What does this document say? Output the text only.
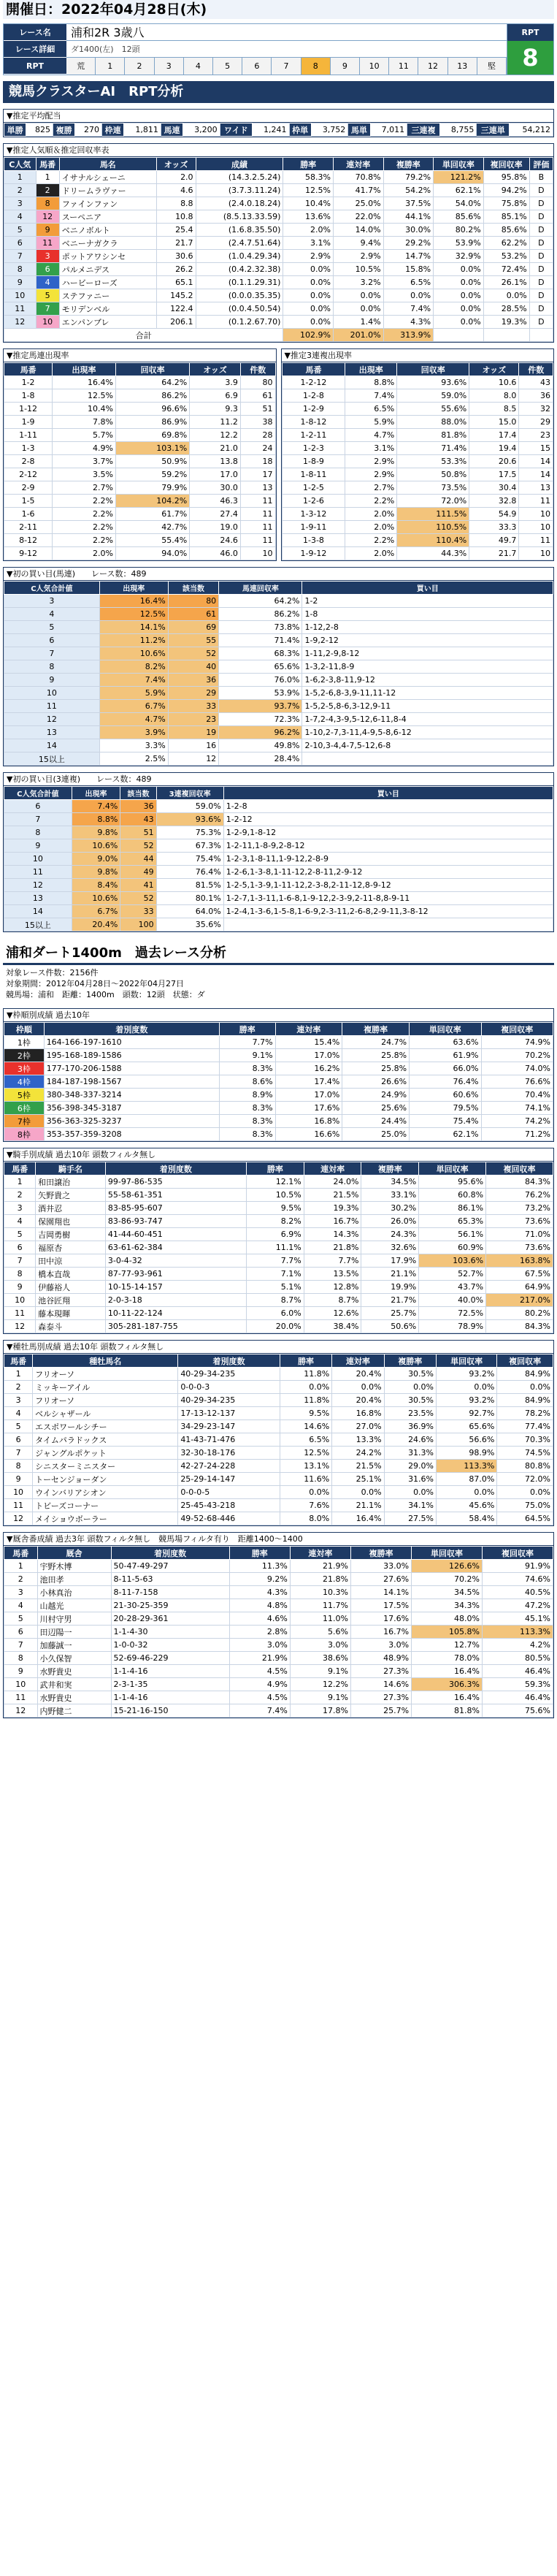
開催日：2022年04月28日(木)
レース名
レース詳細
RPT
浦和2R 3歳八
ダ1400(左)　12頭
荒	1	2	3	4	5	6	7	8	9	10	11	12	13	堅
RPT
8
競馬クラスターAI　RPT分析
▼推定平均配当
単勝	825	複勝	270	枠連	1,811	馬連	3,200	ワイド	1,241	枠単	3,752	馬単	7,011	三連複	8,755	三連単	54,212
▼推定人気順＆推定回収率表
C人気	馬番	馬名	オッズ	成績	勝率	連対率	複勝率	単回収率	複回収率	評価
1	1	イサナルシェーニ	2.0	(14.3.2.5.24)	58.3%	70.8%	79.2%	121.2%	95.8%	B
2	2	ドリームラヴァー	4.6	(3.7.3.11.24)	12.5%	41.7%	54.2%	62.1%	94.2%	D
3	8	ファインファン	8.8	(2.4.0.18.24)	10.4%	25.0%	37.5%	54.0%	75.8%	D
4	12	スーペニア	10.8	(8.5.13.33.59)	13.6%	22.0%	44.1%	85.6%	85.1%	D
5	9	ベニノボルト	25.4	(1.6.8.35.50)	2.0%	14.0%	30.0%	80.2%	85.6%	D
6	11	ベニーナガクラ	21.7	(2.4.7.51.64)	3.1%	9.4%	29.2%	53.9%	62.2%	D
7	3	ポットアワシンセ	30.6	(1.0.4.29.34)	2.9%	2.9%	14.7%	32.9%	53.2%	D
8	6	パルメニデス	26.2	(0.4.2.32.38)	0.0%	10.5%	15.8%	0.0%	72.4%	D
9	4	ハービーローズ	65.1	(0.1.1.29.31)	0.0%	3.2%	6.5%	0.0%	26.1%	D
10	5	ステファニー	145.2	(0.0.0.35.35)	0.0%	0.0%	0.0%	0.0%	0.0%	D
11	7	モリデンベル	122.4	(0.0.4.50.54)	0.0%	0.0%	7.4%	0.0%	28.5%	D
12	10	エンパンブレ	206.1	(0.1.2.67.70)	0.0%	1.4%	4.3%	0.0%	19.3%	D
合計					102.9%	201.0%	313.9%			
▼推定馬連出現率
馬番	出現率	回収率	オッズ	件数
1-2	16.4%	64.2%	3.9	80
1-8	12.5%	86.2%	6.9	61
1-12	10.4%	96.6%	9.3	51
1-9	7.8%	86.9%	11.2	38
1-11	5.7%	69.8%	12.2	28
1-3	4.9%	103.1%	21.0	24
2-8	3.7%	50.9%	13.8	18
2-12	3.5%	59.2%	17.0	17
2-9	2.7%	79.9%	30.0	13
1-5	2.2%	104.2%	46.3	11
1-6	2.2%	61.7%	27.4	11
2-11	2.2%	42.7%	19.0	11
8-12	2.2%	55.4%	24.6	11
9-12	2.0%	94.0%	46.0	10
▼推定3連複出現率
馬番	出現率	回収率	オッズ	件数
1-2-12	8.8%	93.6%	10.6	43
1-2-8	7.4%	59.0%	8.0	36
1-2-9	6.5%	55.6%	8.5	32
1-8-12	5.9%	88.0%	15.0	29
1-2-11	4.7%	81.8%	17.4	23
1-2-3	3.1%	71.4%	19.4	15
1-8-9	2.9%	53.3%	20.6	14
1-8-11	2.9%	50.8%	17.5	14
1-2-5	2.7%	73.5%	30.4	13
1-2-6	2.2%	72.0%	32.8	11
1-3-12	2.0%	111.5%	54.9	10
1-9-11	2.0%	110.5%	33.3	10
1-3-8	2.2%	110.4%	49.7	11
1-9-12	2.0%	44.3%	21.7	10
▼初の買い目(馬連)　　レース数：489
C人気合計値	出現率	該当数	馬連回収率	買い目
3	16.4%	80	64.2%	1-2
4	12.5%	61	86.2%	1-8
5	14.1%	69	73.8%	1-12,2-8
6	11.2%	55	71.4%	1-9,2-12
7	10.6%	52	68.3%	1-11,2-9,8-12
8	8.2%	40	65.6%	1-3,2-11,8-9
9	7.4%	36	76.0%	1-6,2-3,8-11,9-12
10	5.9%	29	53.9%	1-5,2-6,8-3,9-11,11-12
11	6.7%	33	93.7%	1-5,2-5,8-6,3-12,9-11
12	4.7%	23	72.3%	1-7,2-4,3-9,5-12,6-11,8-4
13	3.9%	19	96.2%	1-10,2-7,3-11,4-9,5-8,6-12
14	3.3%	16	49.8%	2-10,3-4,4-7,5-12,6-8
15以上	2.5%	12	28.4%	
▼初の買い目(3連複)　　レース数：489
C人気合計値	出現率	該当数	3連複回収率	買い目
6	7.4%	36	59.0%	1-2-8
7	8.8%	43	93.6%	1-2-12
8	9.8%	51	75.3%	1-2-9,1-8-12
9	10.6%	52	67.3%	1-2-11,1-8-9,2-8-12
10	9.0%	44	75.4%	1-2-3,1-8-11,1-9-12,2-8-9
11	9.8%	49	76.4%	1-2-6,1-3-8,1-11-12,2-8-11,2-9-12
12	8.4%	41	81.5%	1-2-5,1-3-9,1-11-12,2-3-8,2-11-12,8-9-12
13	10.6%	52	80.1%	1-2-7,1-3-11,1-6-8,1-9-12,2-3-9,2-11-8,8-9-11
14	6.7%	33	64.0%	1-2-4,1-3-6,1-5-8,1-6-9,2-3-11,2-6-8,2-9-11,3-8-12
15以上	20.4%	100	35.6%	
浦和ダート1400m　過去レース分析
対象レース件数：2156件
対象期間：2012年04月28日～2022年04月27日
競馬場：浦和　距離：1400m　頭数：12頭　状態：ダ
▼枠順別成績 過去10年
枠順	着別度数	勝率	連対率	複勝率	単回収率	複回収率
1枠	164-166-197-1610	7.7%	15.4%	24.7%	63.6%	74.9%
2枠	195-168-189-1586	9.1%	17.0%	25.8%	61.9%	70.2%
3枠	177-170-206-1588	8.3%	16.2%	25.8%	66.0%	74.0%
4枠	184-187-198-1567	8.6%	17.4%	26.6%	76.4%	76.6%
5枠	380-348-337-3214	8.9%	17.0%	24.9%	60.6%	70.4%
6枠	356-398-345-3187	8.3%	17.6%	25.6%	79.5%	74.1%
7枠	356-363-325-3237	8.3%	16.8%	24.4%	75.4%	74.2%
8枠	353-357-359-3208	8.3%	16.6%	25.0%	62.1%	71.2%
▼騎手別成績 過去10年 頭数フィルタ無し
馬番	騎手名	着別度数	勝率	連対率	複勝率	単回収率	複回収率
1	和田譲治	99-97-86-535	12.1%	24.0%	34.5%	95.6%	84.3%
2	矢野貴之	55-58-61-351	10.5%	21.5%	33.1%	60.8%	76.2%
3	酒井忍	83-85-95-607	9.5%	19.3%	30.2%	86.1%	73.2%
4	保園翔也	83-86-93-747	8.2%	16.7%	26.0%	65.3%	73.6%
5	吉岡勇樹	41-44-60-451	6.9%	14.3%	24.3%	56.1%	71.0%
6	福原杏	63-61-62-384	11.1%	21.8%	32.6%	60.9%	73.6%
7	田中涼	3-0-4-32	7.7%	7.7%	17.9%	103.6%	163.8%
8	橋本直哉	87-77-93-961	7.1%	13.5%	21.1%	52.7%	67.5%
9	伊藤裕人	10-15-14-157	5.1%	12.8%	19.9%	43.7%	64.9%
10	池谷匠翔	2-0-3-18	8.7%	8.7%	21.7%	40.0%	217.0%
11	藤本現暉	10-11-22-124	6.0%	12.6%	25.7%	72.5%	80.2%
12	森泰斗	305-281-187-755	20.0%	38.4%	50.6%	78.9%	84.3%
▼種牡馬別成績 過去10年 頭数フィルタ無し
馬番	種牡馬名	着別度数	勝率	連対率	複勝率	単回収率	複回収率
1	フリオーソ	40-29-34-235	11.8%	20.4%	30.5%	93.2%	84.9%
2	ミッキーアイル	0-0-0-3	0.0%	0.0%	0.0%	0.0%	0.0%
3	フリオーソ	40-29-34-235	11.8%	20.4%	30.5%	93.2%	84.9%
4	ベルシャザール	17-13-12-137	9.5%	16.8%	23.5%	92.7%	78.2%
5	エスポワールシチー	34-29-23-147	14.6%	27.0%	36.9%	65.6%	77.4%
6	タイムパラドックス	41-43-71-476	6.5%	13.3%	24.6%	56.6%	70.3%
7	ジャングルポケット	32-30-18-176	12.5%	24.2%	31.3%	98.9%	74.5%
8	シニスターミニスター	42-27-24-228	13.1%	21.5%	29.0%	113.3%	80.8%
9	トーセンジョーダン	25-29-14-147	11.6%	25.1%	31.6%	87.0%	72.0%
10	ウインバリアシオン	0-0-0-5	0.0%	0.0%	0.0%	0.0%	0.0%
11	トビーズコーナー	25-45-43-218	7.6%	21.1%	34.1%	45.6%	75.0%
12	メイショウボーラー	49-52-68-446	8.0%	16.4%	27.5%	58.4%	64.5%
▼厩舎番成績 過去3年 頭数フィルタ無し　競馬場フィルタ有り　距離1400～1400
馬番	厩舎	着別度数	勝率	連対率	複勝率	単回収率	複回収率
1	宇野木博	50-47-49-297	11.3%	21.9%	33.0%	126.6%	91.9%
2	池田孝	8-11-5-63	9.2%	21.8%	27.6%	70.2%	74.6%
3	小林真治	8-11-7-158	4.3%	10.3%	14.1%	34.5%	40.5%
4	山越光	21-30-25-359	4.8%	11.7%	17.5%	34.3%	47.2%
5	川村守男	20-28-29-361	4.6%	11.0%	17.6%	48.0%	45.1%
6	田辺陽一	1-1-4-30	2.8%	5.6%	16.7%	105.8%	113.3%
7	加藤誠一	1-0-0-32	3.0%	3.0%	3.0%	12.7%	4.2%
8	小久保智	52-69-46-229	21.9%	38.6%	48.9%	78.0%	80.5%
9	水野貴史	1-1-4-16	4.5%	9.1%	27.3%	16.4%	46.4%
10	武井和実	2-3-1-35	4.9%	12.2%	14.6%	306.3%	59.3%
11	水野貴史	1-1-4-16	4.5%	9.1%	27.3%	16.4%	46.4%
12	内野健二	15-21-16-150	7.4%	17.8%	25.7%	81.8%	75.6%
